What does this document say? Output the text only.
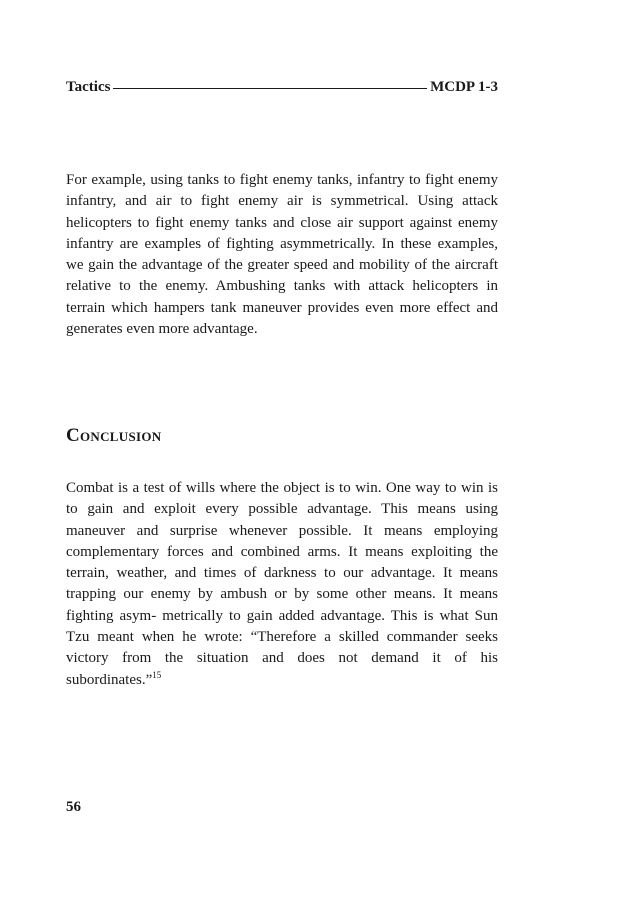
Tactics	MCDP 1-3

For example, using tanks to fight enemy tanks, infantry to fight enemy infantry, and air to fight enemy air is symmetrical. Using attack helicopters to fight enemy tanks and close air support against enemy infantry are examples of fighting asymmetrically. In these examples, we gain the advantage of the greater speed and mobility of the aircraft relative to the enemy. Ambushing tanks with attack helicopters in terrain which hampers tank maneuver provides even more effect and generates even more advantage.

Conclusion

Combat is a test of wills where the object is to win. One way to win is to gain and exploit every possible advantage. This means using maneuver and surprise whenever possible. It means employing complementary forces and combined arms. It means exploiting the terrain, weather, and times of darkness to our advantage. It means trapping our enemy by ambush or by some other means. It means fighting asym- metrically to gain added advantage. This is what Sun Tzu meant when he wrote: “Therefore a skilled commander seeks victory from the situation and does not demand it of his subordinates.”$^{15}$

56
